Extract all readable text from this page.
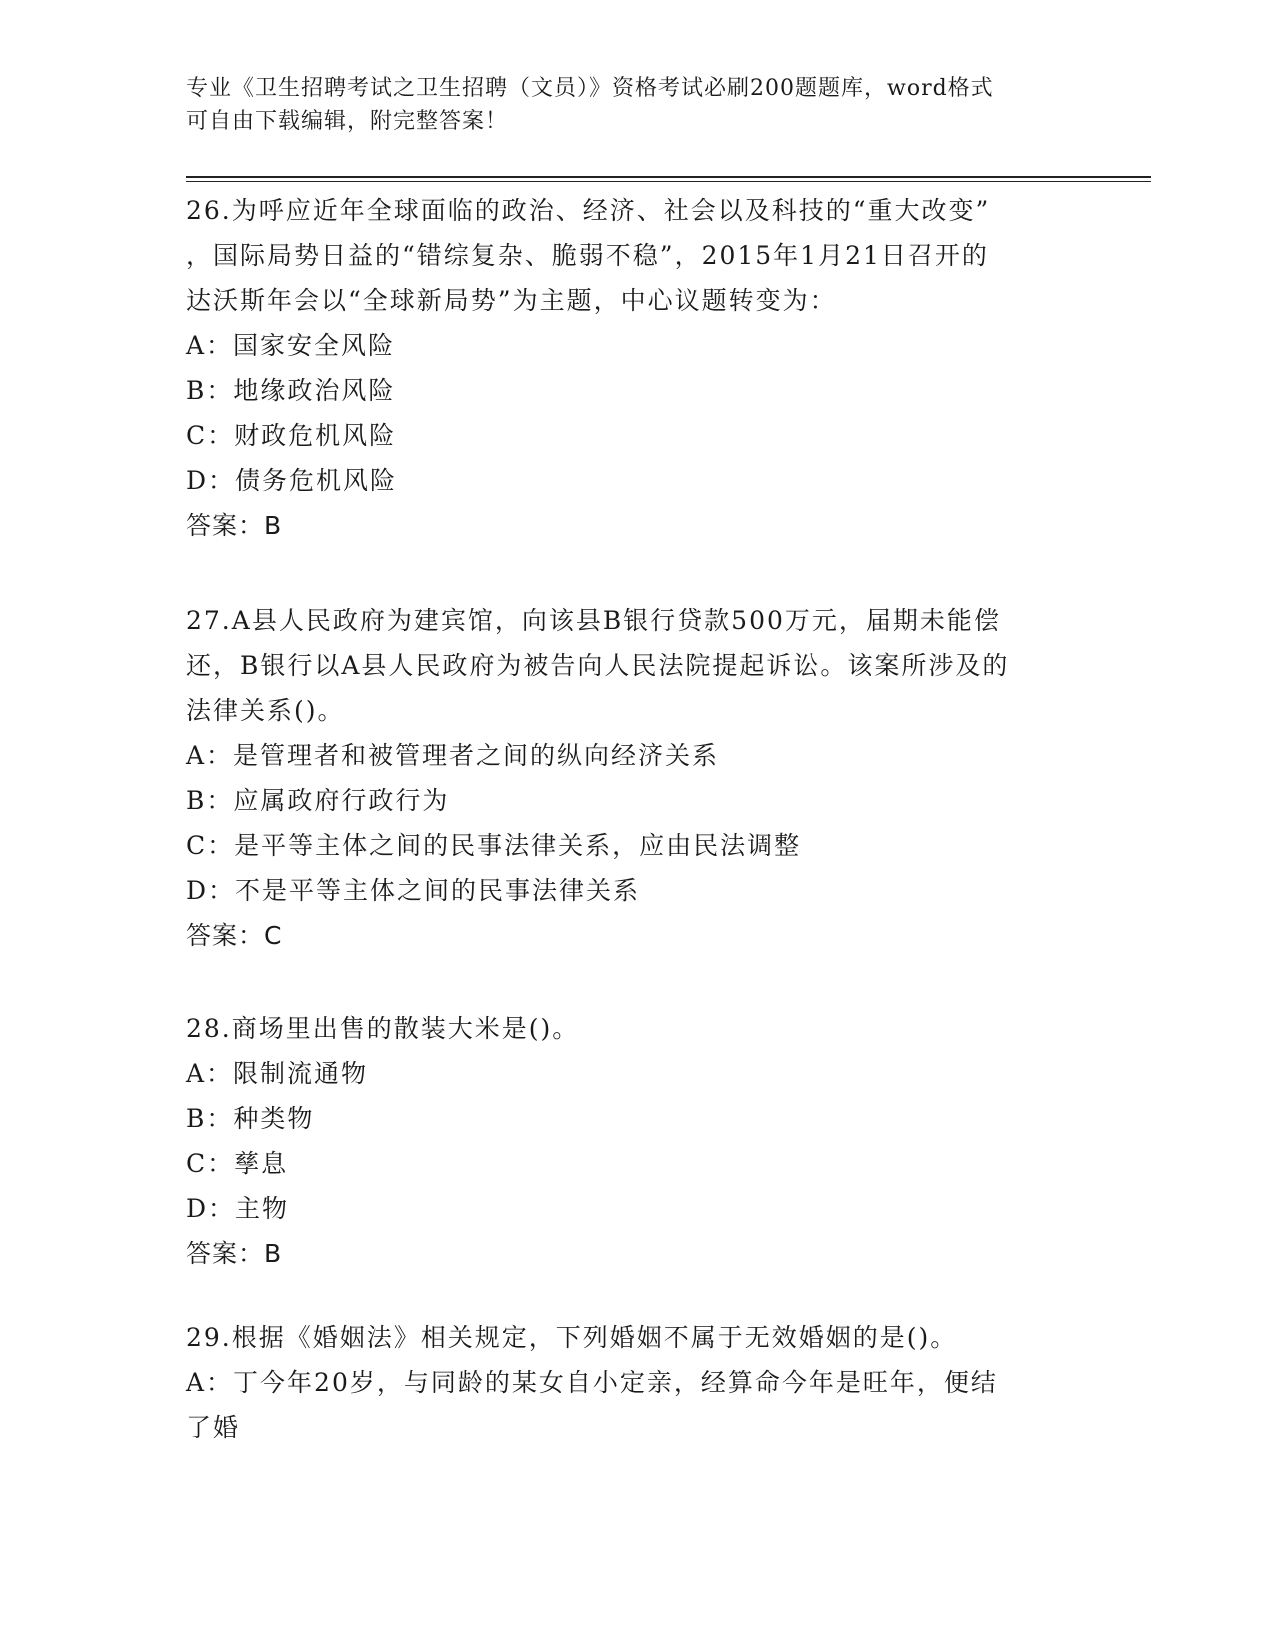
专业《卫生招聘考试之卫生招聘（文员）》资格考试必刷200题题库，word格式
可自由下载编辑，附完整答案！

26.为呼应近年全球面临的政治、经济、社会以及科技的“重大改变”

，国际局势日益的“错综复杂、脆弱不稳”，2015年1月21日召开的

达沃斯年会以“全球新局势”为主题，中心议题转变为：

A：国家安全风险

B：地缘政治风险

C：财政危机风险

D：债务危机风险

答案：B

27.A县人民政府为建宾馆，向该县B银行贷款500万元，届期未能偿

还，B银行以A县人民政府为被告向人民法院提起诉讼。该案所涉及的

法律关系()。

A：是管理者和被管理者之间的纵向经济关系

B：应属政府行政行为

C：是平等主体之间的民事法律关系，应由民法调整

D：不是平等主体之间的民事法律关系

答案：C

28.商场里出售的散装大米是()。

A：限制流通物

B：种类物

C：孳息

D：主物

答案：B

29.根据《婚姻法》相关规定，下列婚姻不属于无效婚姻的是()。

A：丁今年20岁，与同龄的某女自小定亲，经算命今年是旺年，便结

了婚
